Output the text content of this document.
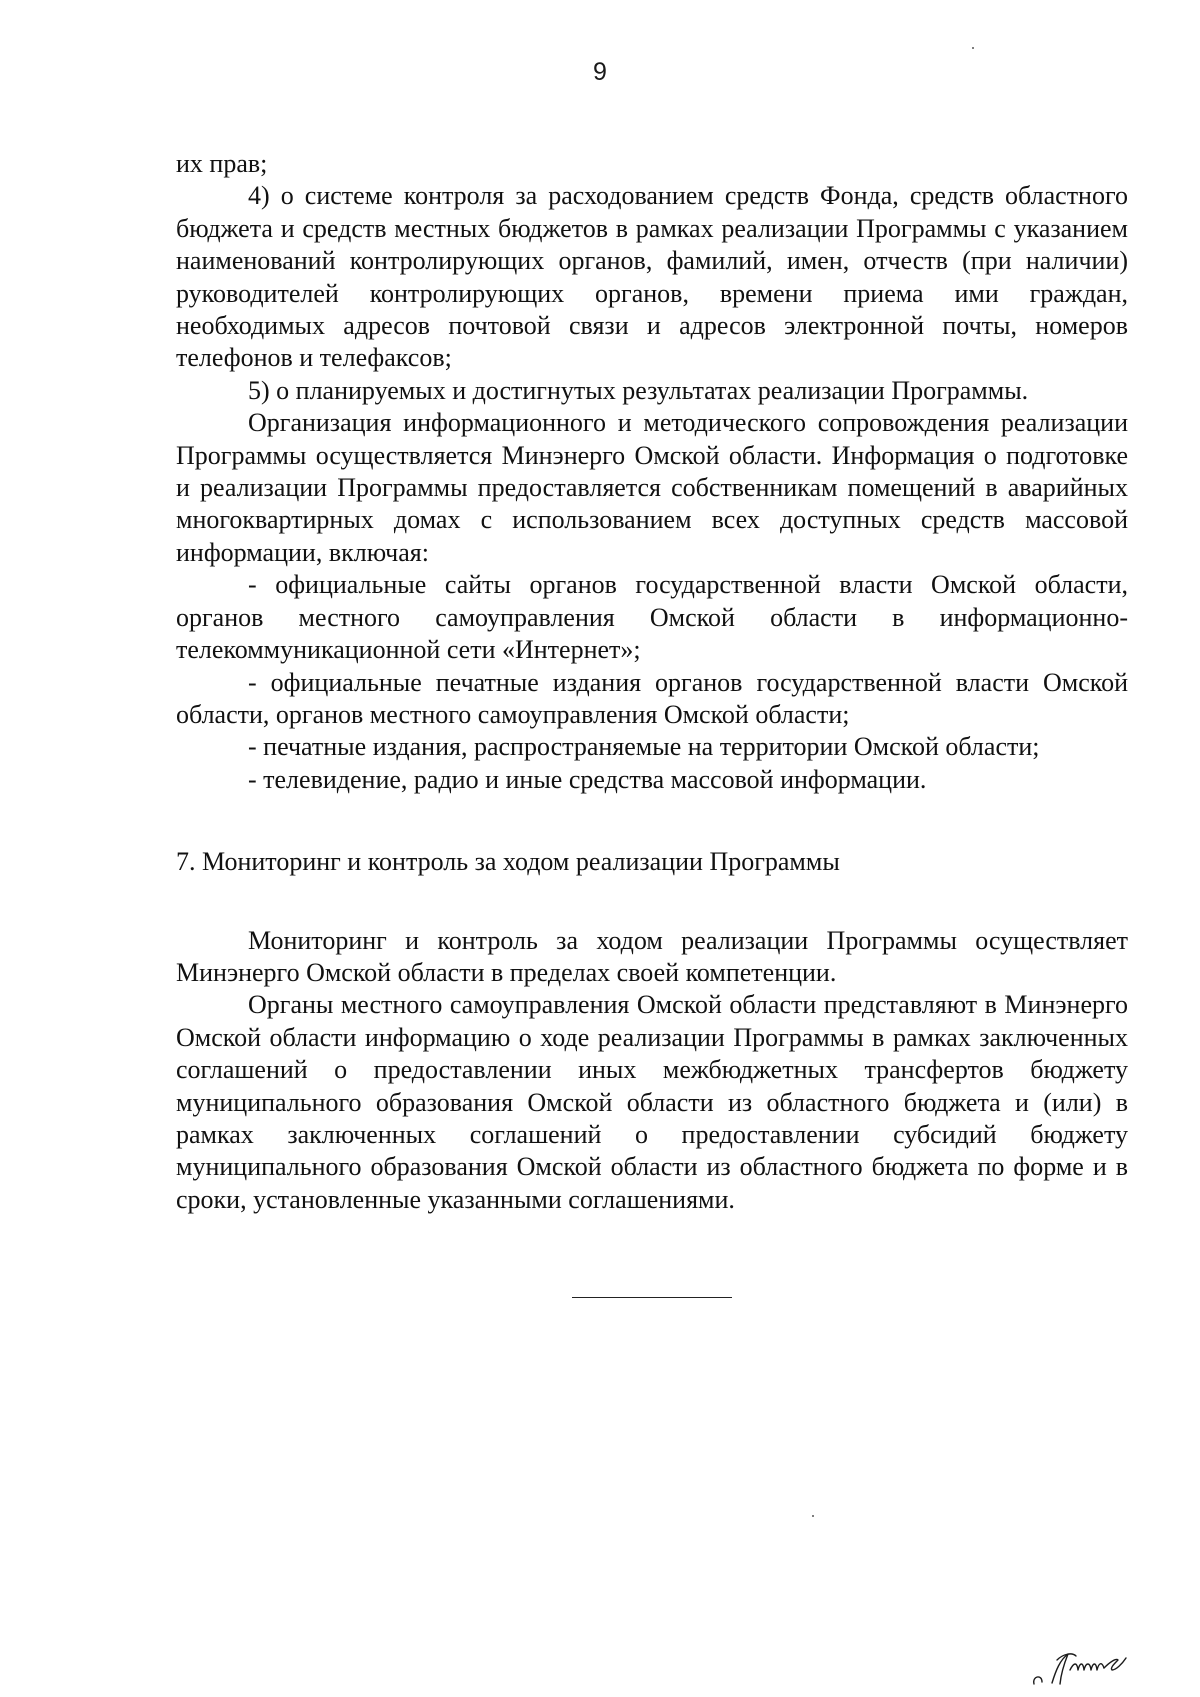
9

их прав;

4) о системе контроля за расходованием средств Фонда, средств областного бюджета и средств местных бюджетов в рамках реализации Программы с указанием наименований контролирующих органов, фамилий, имен, отчеств (при наличии) руководителей контролирующих органов, времени приема ими граждан, необходимых адресов почтовой связи и адресов электронной почты, номеров телефонов и телефаксов;

5) о планируемых и достигнутых результатах реализации Программы.

Организация информационного и методического сопровождения реализации Программы осуществляется Минэнерго Омской области. Информация о подготовке и реализации Программы предоставляется собственникам помещений в аварийных многоквартирных домах с использованием всех доступных средств массовой информации, включая:

- официальные сайты органов государственной власти Омской области, органов местного самоуправления Омской области в информационно-телекоммуникационной сети «Интернет»;

- официальные печатные издания органов государственной власти Омской области, органов местного самоуправления Омской области;

- печатные издания, распространяемые на территории Омской области;

- телевидение, радио и иные средства массовой информации.

7. Мониторинг и контроль за ходом реализации Программы

Мониторинг и контроль за ходом реализации Программы осуществляет Минэнерго Омской области в пределах своей компетенции.

Органы местного самоуправления Омской области представляют в Минэнерго Омской области информацию о ходе реализации Программы в рамках заключенных соглашений о предоставлении иных межбюджетных трансфертов бюджету муниципального образования Омской области из областного бюджета и (или) в рамках заключенных соглашений о предоставлении субсидий бюджету муниципального образования Омской области из областного бюджета по форме и в сроки, установленные указанными соглашениями.
